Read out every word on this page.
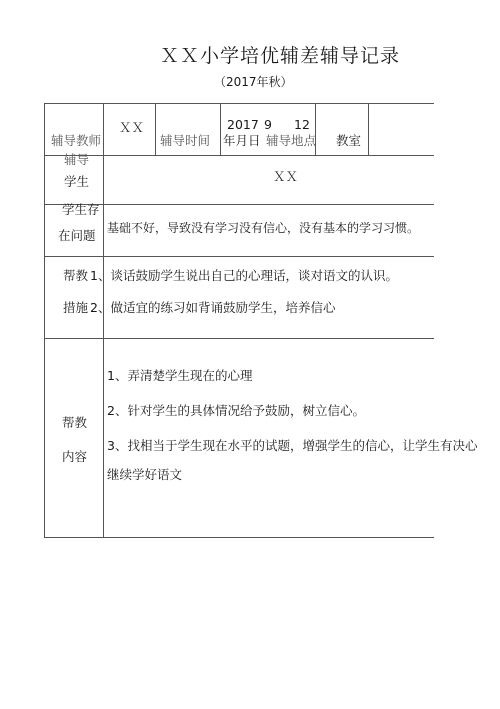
ＸＸ小学培优辅差辅导记录
（2017年秋）
辅导教师
ＸＸ
辅导时间
2017 9 12
年月日 辅导地点 教室
辅导
学生	ＸＸ
学生存
在问题 基础不好，导致没有学习没有信心，没有基本的学习习惯。
帮教
措施
1、谈话鼓励学生说出自己的心理话，谈对语文的认识。
2、做适宜的练习如背诵鼓励学生，培养信心
帮教
内容
1、弄清楚学生现在的心理
2、针对学生的具体情况给予鼓励，树立信心。
3、找相当于学生现在水平的试题，增强学生的信心，让学生有决心
继续学好语文
